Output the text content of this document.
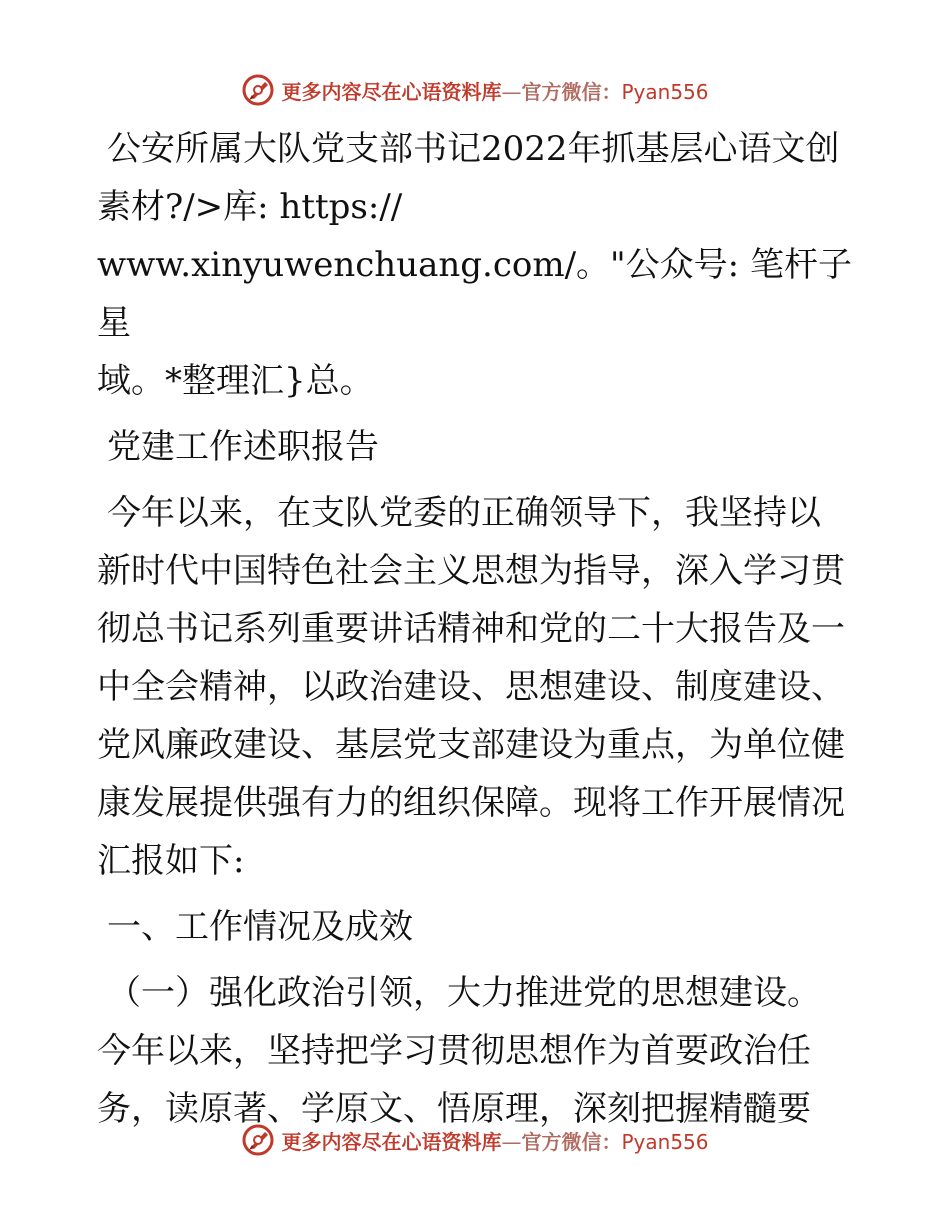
更多内容尽在心语资料库—官方微信：Pyan556

公安所属大队党支部书记2022年抓基层心语文创

素材?/>库: https://

www.xinyuwenchuang.com/。"公众号: 笔杆子星

域。*整理汇}总。

党建工作述职报告

今年以来，在支队党委的正确领导下，我坚持以

新时代中国特色社会主义思想为指导，深入学习贯

彻总书记系列重要讲话精神和党的二十大报告及一

中全会精神，以政治建设、思想建设、制度建设、

党风廉政建设、基层党支部建设为重点，为单位健

康发展提供强有力的组织保障。现将工作开展情况

汇报如下:

一、工作情况及成效

（一）强化政治引领，大力推进党的思想建设。

今年以来，坚持把学习贯彻思想作为首要政治任

务，读原著、学原文、悟原理，深刻把握精髓要

更多内容尽在心语资料库—官方微信：Pyan556
